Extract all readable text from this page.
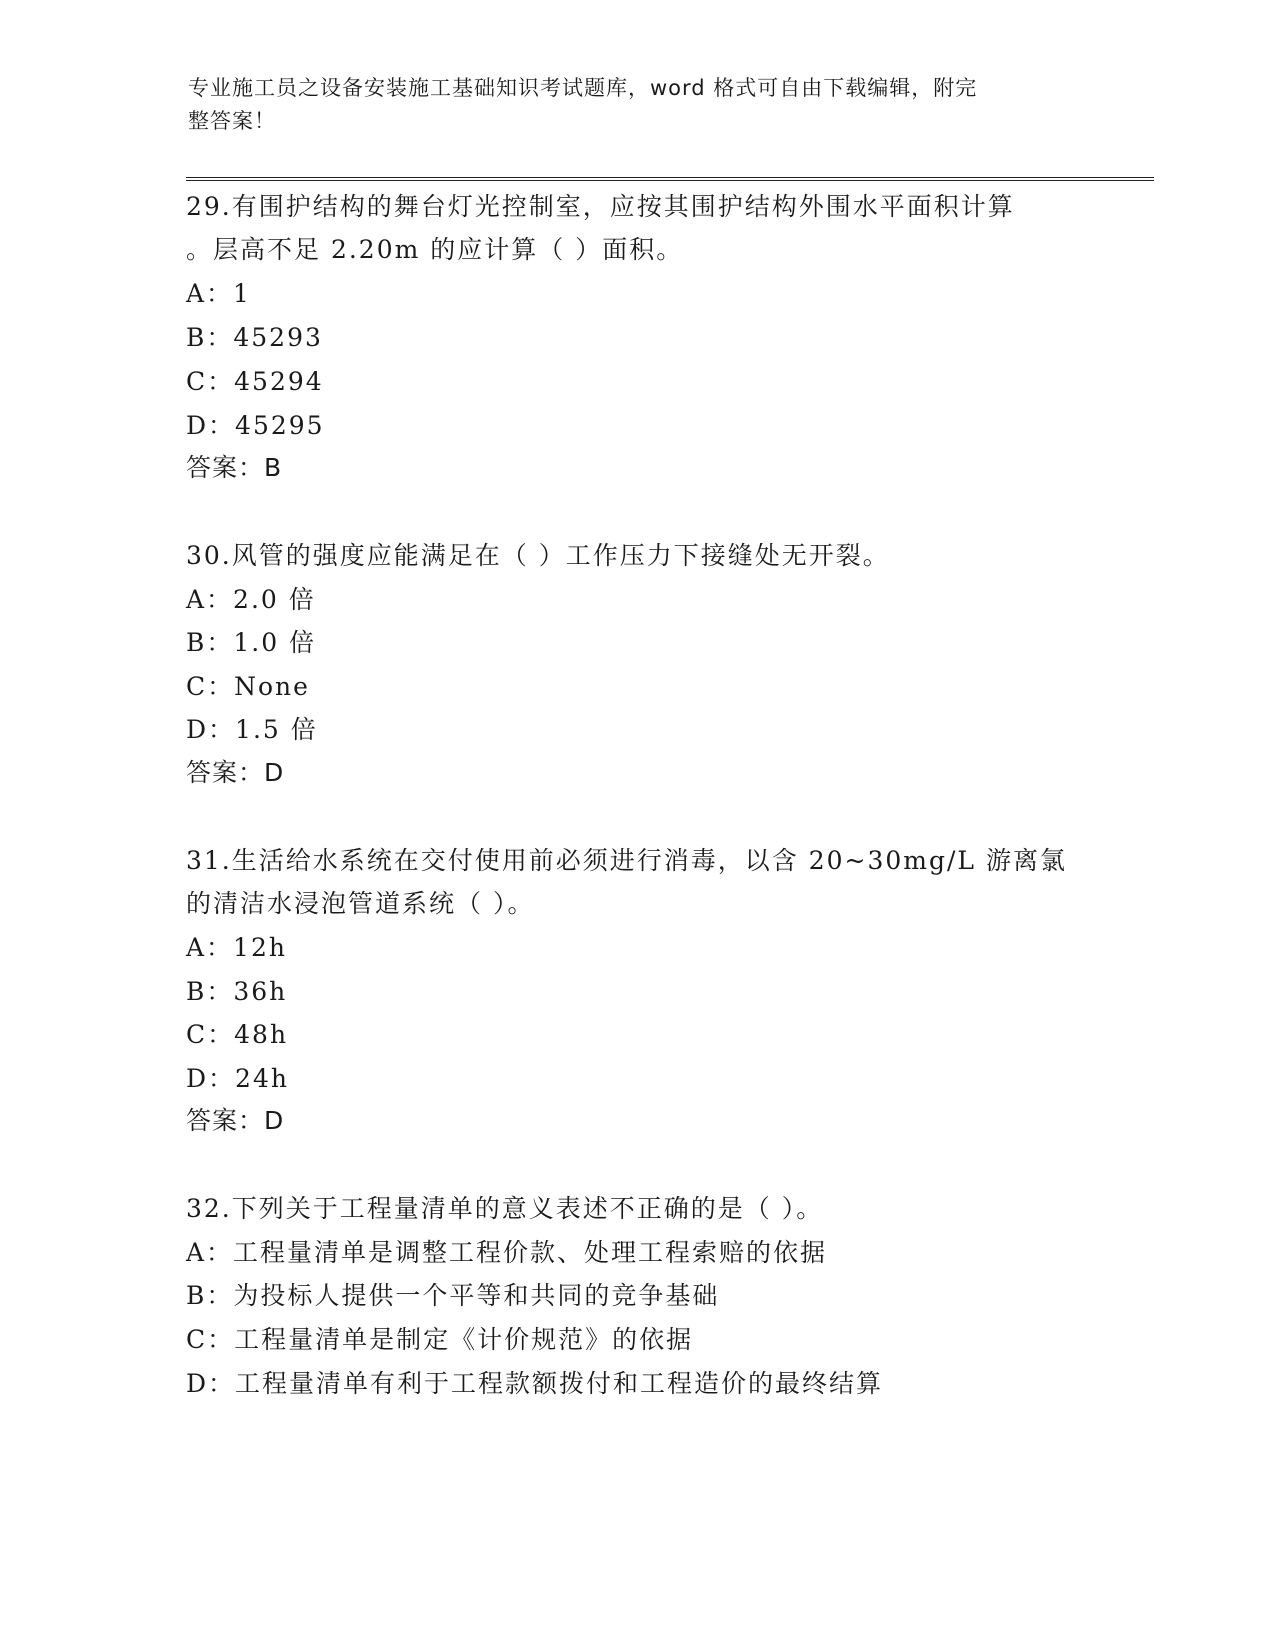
专业施工员之设备安装施工基础知识考试题库，word 格式可自由下载编辑，附完
整答案！
29.有围护结构的舞台灯光控制室，应按其围护结构外围水平面积计算
。层高不足 2.20m 的应计算（ ）面积。
A：1
B：45293
C：45294
D：45295
答案：B
30.风管的强度应能满足在（ ）工作压力下接缝处无开裂。
A：2.0 倍
B：1.0 倍
C：None
D：1.5 倍
答案：D
31.生活给水系统在交付使用前必须进行消毒，以含 20~30mg/L 游离氯
的清洁水浸泡管道系统（ ）。
A：12h
B：36h
C：48h
D：24h
答案：D
32.下列关于工程量清单的意义表述不正确的是（ ）。
A：工程量清单是调整工程价款、处理工程索赔的依据
B：为投标人提供一个平等和共同的竞争基础
C：工程量清单是制定《计价规范》的依据
D：工程量清单有利于工程款额拨付和工程造价的最终结算
